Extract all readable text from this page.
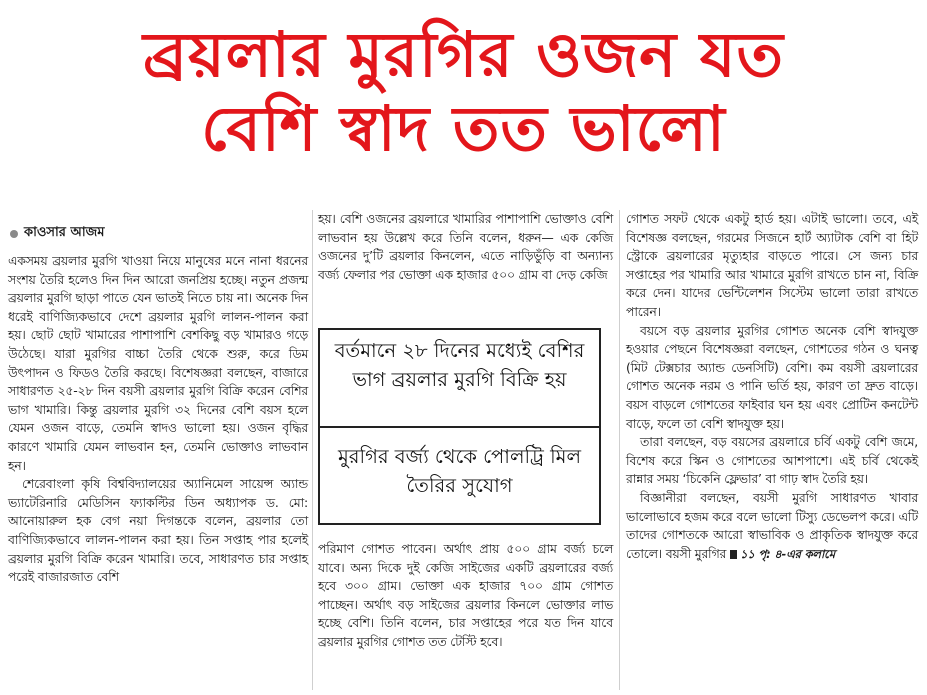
ব্রয়লার মুরগির ওজন যত
বেশি স্বাদ তত ভালো
কাওসার আজম

একসময় ব্রয়লার মুরগি খাওয়া নিয়ে মানুষের মনে নানা ধরনের সংশয় তৈরি হলেও দিন দিন আরো জনপ্রিয় হচ্ছে। নতুন প্রজন্ম ব্রয়লার মুরগি ছাড়া পাতে যেন ভাতই নিতে চায় না। অনেক দিন ধরেই বাণিজ্যিকভাবে দেশে ব্রয়লার মুরগি লালন-পালন করা হয়। ছোট ছোট খামারের পাশাপাশি বেশকিছু বড় খামারও গড়ে উঠেছে। যারা মুরগির বাচ্চা তৈরি থেকে শুরু, করে ডিম উৎপাদন ও ফিডও তৈরি করছে। বিশেষজ্ঞরা বলছেন, বাজারে সাধারণত ২৫-২৮ দিন বয়সী ব্রয়লার মুরগি বিক্রি করেন বেশির ভাগ খামারি। কিন্তু ব্রয়লার মুরগি ৩২ দিনের বেশি বয়স হলে যেমন ওজন বাড়ে, তেমনি স্বাদও ভালো হয়। ওজন বৃদ্ধির কারণে খামারি যেমন লাভবান হন, তেমনি ভোক্তাও লাভবান হন।

শেরেবাংলা কৃষি বিশ্ববিদ্যালয়ের অ্যানিমেল সায়েন্স অ্যান্ড ভ্যাটেরিনারি মেডিসিন ফ্যাকল্টির ডিন অধ্যাপক ড. মো: আনোয়ারুল হক বেগ নয়া দিগন্তকে বলেন, ব্রয়লার তো বাণিজ্যিকভাবে লালন-পালন করা হয়। তিন সপ্তাহ পার হলেই ব্রয়লার মুরগি বিক্রি করেন খামারি। তবে, সাধারণত চার সপ্তাহ পরেই বাজারজাত বেশি

হয়। বেশি ওজনের ব্রয়লারে খামারির পাশাপাশি ভোক্তাও বেশি লাভবান হয় উল্লেখ করে তিনি বলেন, ধরুন— এক কেজি ওজনের দু’টি ব্রয়লার কিনলেন, এতে নাড়িভুঁড়ি বা অন্যান্য বর্জ্য ফেলার পর ভোক্তা এক হাজার ৫০০ গ্রাম বা দেড় কেজি

বর্তমানে ২৮ দিনের মধ্যেই বেশির ভাগ ব্রয়লার মুরগি বিক্রি হয়
মুরগির বর্জ্য থেকে পোলট্রি মিল তৈরির সুযোগ

পরিমাণ গোশত পাবেন। অর্থাৎ প্রায় ৫০০ গ্রাম বর্জ্য চলে যাবে। অন্য দিকে দুই কেজি সাইজের একটি ব্রয়লারের বর্জ্য হবে ৩০০ গ্রাম। ভোক্তা এক হাজার ৭০০ গ্রাম গোশত পাচ্ছেন। অর্থাৎ বড় সাইজের ব্রয়লার কিনলে ভোক্তার লাভ হচ্ছে বেশি। তিনি বলেন, চার সপ্তাহের পরে যত দিন যাবে ব্রয়লার মুরগির গোশত তত টেস্টি হবে।

গোশত সফট থেকে একটু হার্ড হয়। এটাই ভালো। তবে, এই বিশেষজ্ঞ বলছেন, গরমের সিজনে হার্ট অ্যাটাক বেশি বা হিট স্ট্রোকে ব্রয়লারের মৃত্যুহার বাড়তে পারে। সে জন্য চার সপ্তাহের পর খামারি আর খামারে মুরগি রাখতে চান না, বিক্রি করে দেন। যাদের ভেন্টিলেশন সিস্টেম ভালো তারা রাখতে পারেন।

বয়সে বড় ব্রয়লার মুরগির গোশত অনেক বেশি স্বাদযুক্ত হওয়ার পেছনে বিশেষজ্ঞরা বলছেন, গোশতের গঠন ও ঘনত্ব (মিট টেক্সচার অ্যান্ড ডেনসিটি) বেশি। কম বয়সী ব্রয়লারের গোশত অনেক নরম ও পানি ভর্তি হয়, কারণ তা দ্রুত বাড়ে। বয়স বাড়লে গোশতের ফাইবার ঘন হয় এবং প্রোটিন কনটেন্ট বাড়ে, ফলে তা বেশি স্বাদযুক্ত হয়।

তারা বলছেন, বড় বয়সের ব্রয়লারে চর্বি একটু বেশি জমে, বিশেষ করে স্কিন ও গোশতের আশপাশে। এই চর্বি থেকেই রান্নার সময় ‘চিকেনি ফ্লেভার’ বা গাঢ় স্বাদ তৈরি হয়।

বিজ্ঞানীরা বলছেন, বয়সী মুরগি সাধারণত খাবার ভালোভাবে হজম করে বলে ভালো টিস্যু ডেভেলপ করে। এটি তাদের গোশতকে আরো স্বাভাবিক ও প্রাকৃতিক স্বাদযুক্ত করে তোলে। বয়সী মুরগির ১১ পৃ: ৪-এর কলামে
